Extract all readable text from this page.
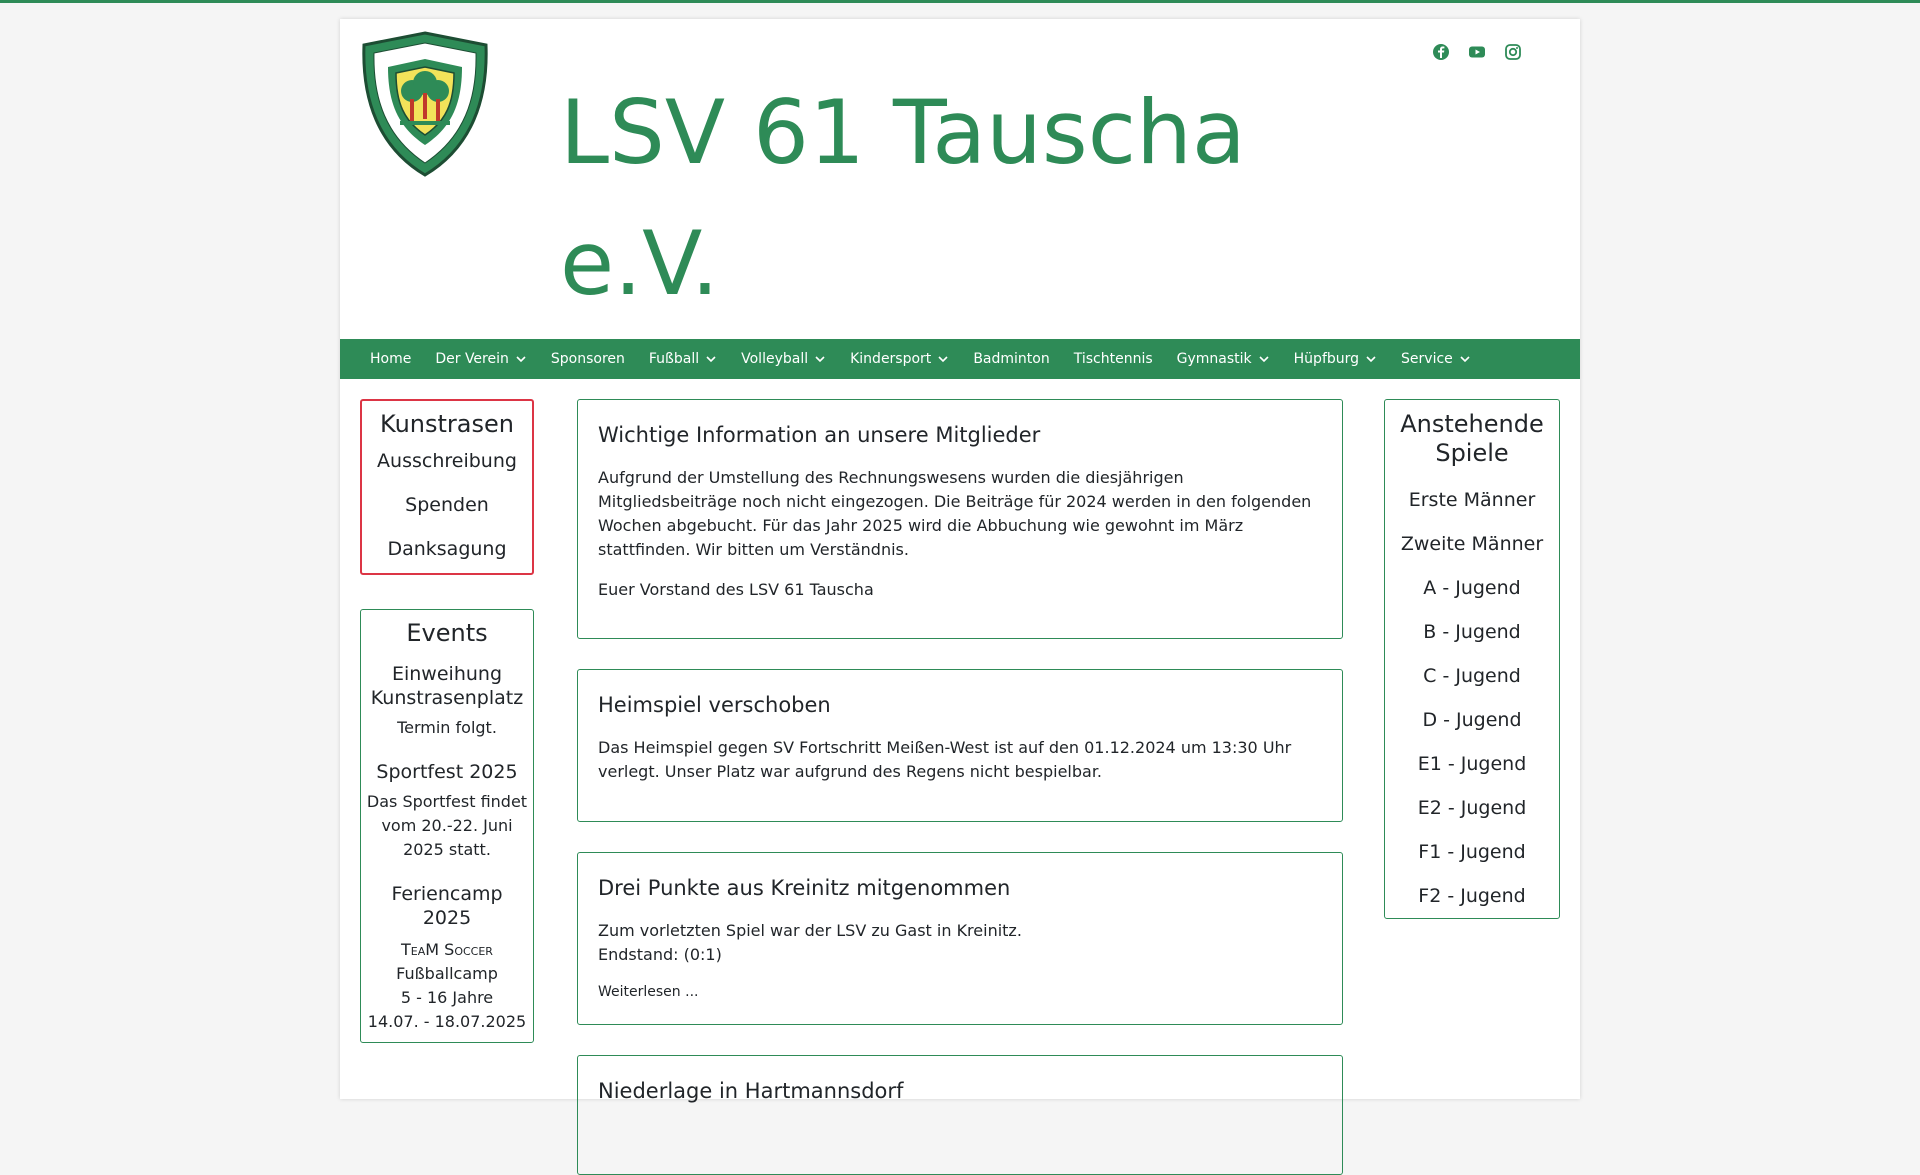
LSV 61 Tauscha e.V.
Home Der Verein	Sponsoren Fußball	Volleyball	Kindersport	Badminton Tischtennis Gymnastik	Hüpfburg	Service
Kunstrasen
Ausschreibung
Spenden
Danksagung
Events
Einweihung Kunstrasenplatz
Termin folgt.
Sportfest 2025
Das Sportfest findet vom 20.-22. Juni 2025 statt.
Feriencamp 2025
TeaM Soccer
Fußballcamp
5 - 16 Jahre
14.07. - 18.07.2025
Wichtige Information an unsere Mitglieder

Aufgrund der Umstellung des Rechnungswesens wurden die diesjährigen Mitgliedsbeiträge noch nicht eingezogen. Die Beiträge für 2024 werden in den folgenden Wochen abgebucht. Für das Jahr 2025 wird die Abbuchung wie gewohnt im März stattfinden. Wir bitten um Verständnis.

Euer Vorstand des LSV 61 Tauscha

Heimspiel verschoben

Das Heimspiel gegen SV Fortschritt Meißen-West ist auf den 01.12.2024 um 13:30 Uhr verlegt. Unser Platz war aufgrund des Regens nicht bespielbar.

Drei Punkte aus Kreinitz mitgenommen

Zum vorletzten Spiel war der LSV zu Gast in Kreinitz.
Endstand: (0:1)

Weiterlesen ...
Niederlage in Hartmannsdorf
Anstehende Spiele
Erste Männer
Zweite Männer
A - Jugend
B - Jugend
C - Jugend
D - Jugend
E1 - Jugend
E2 - Jugend
F1 - Jugend
F2 - Jugend
